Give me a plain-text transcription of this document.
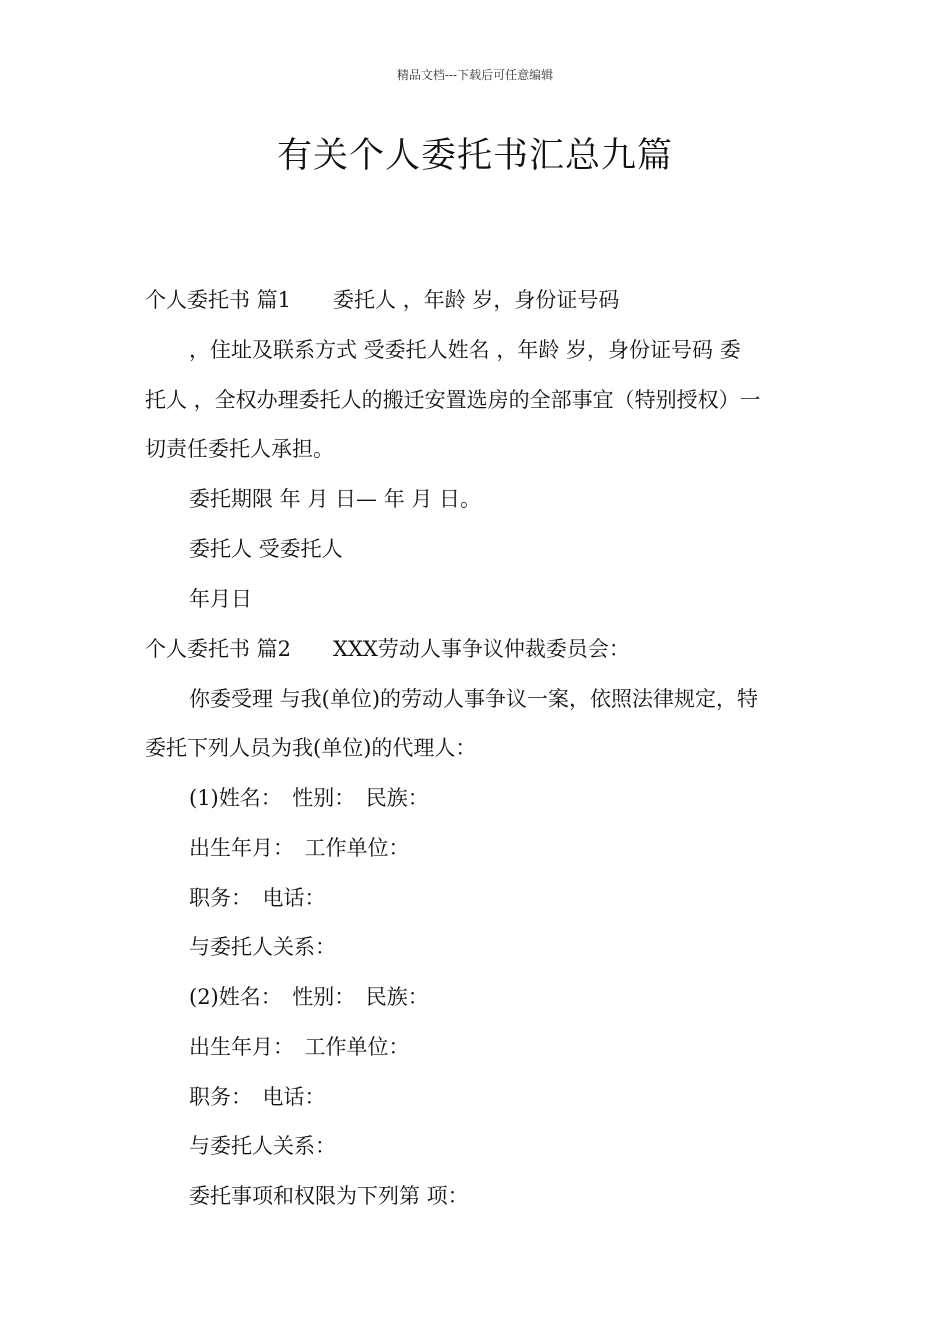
精品文档---下载后可任意编辑
有关个人委托书汇总九篇
个人委托书 篇1　　委托人 ，年龄 岁，身份证号码
，住址及联系方式 受委托人姓名 ，年龄 岁，身份证号码 委
托人 ，全权办理委托人的搬迁安置选房的全部事宜（特别授权）一
切责任委托人承担。
委托期限 年 月 日— 年 月 日。
委托人 受委托人
年月日
个人委托书 篇2　　XXX劳动人事争议仲裁委员会：
你委受理 与我(单位)的劳动人事争议一案，依照法律规定，特
委托下列人员为我(单位)的代理人：
(1)姓名：　性别：　民族：
出生年月：　工作单位：
职务：　电话：
与委托人关系：
(2)姓名：　性别：　民族：
出生年月：　工作单位：
职务：　电话：
与委托人关系：
委托事项和权限为下列第 项：
